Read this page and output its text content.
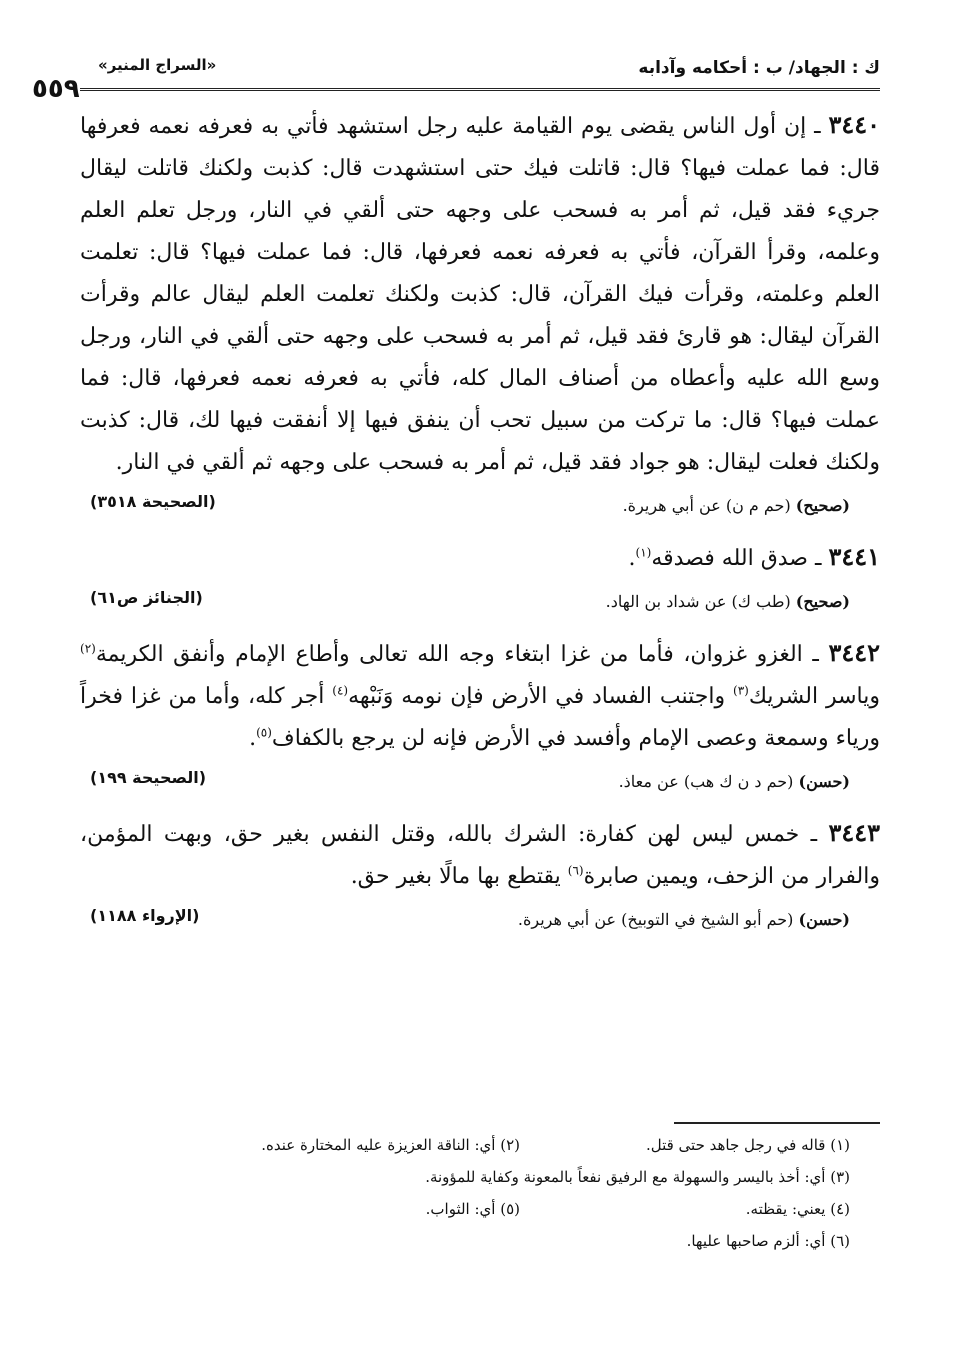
ك : الجهاد/ ب : أحكامه وآدابه
«السراج المنير»
٥٥٩

٣٤٤٠ ـ إن أول الناس يقضى يوم القيامة عليه رجل استشهد فأتي به فعرفه نعمه فعرفها قال: فما عملت فيها؟ قال: قاتلت فيك حتى استشهدت قال: كذبت ولكنك قاتلت ليقال جريء فقد قيل، ثم أمر به فسحب على وجهه حتى ألقي في النار، ورجل تعلم العلم وعلمه، وقرأ القرآن، فأتي به فعرفه نعمه فعرفها، قال: فما عملت فيها؟ قال: تعلمت العلم وعلمته، وقرأت فيك القرآن، قال: كذبت ولكنك تعلمت العلم ليقال عالم وقرأت القرآن ليقال: هو قارئ فقد قيل، ثم أمر به فسحب على وجهه حتى ألقي في النار، ورجل وسع الله عليه وأعطاه من أصناف المال كله، فأتي به فعرفه نعمه فعرفها، قال: فما عملت فيها؟ قال: ما تركت من سبيل تحب أن ينفق فيها إلا أنفقت فيها لك، قال: كذبت ولكنك فعلت ليقال: هو جواد فقد قيل، ثم أمر به فسحب على وجهه ثم ألقي في النار.

(صحيح) (حم م ن) عن أبي هريرة.
(الصحيحة ٣٥١٨)

٣٤٤١ ـ صدق الله فصدقه$^{(١)}$.

(صحيح) (طب ك) عن شداد بن الهاد.
(الجنائز ص٦١)

٣٤٤٢ ـ الغزو غزوان، فأما من غزا ابتغاء وجه الله تعالى وأطاع الإمام وأنفق الكريمة$^{(٢)}$ وياسر الشريك$^{(٣)}$ واجتنب الفساد في الأرض فإن نومه وَنَبْهه$^{(٤)}$ أجر كله، وأما من غزا فخراً ورياء وسمعة وعصى الإمام وأفسد في الأرض فإنه لن يرجع بالكفاف$^{(٥)}$.

(حسن) (حم د ن ك هب) عن معاذ.
(الصحيحة ١٩٩)

٣٤٤٣ ـ خمس ليس لهن كفارة: الشرك بالله، وقتل النفس بغير حق، وبهت المؤمن، والفرار من الزحف، ويمين صابرة$^{(٦)}$ يقتطع بها مالًا بغير حق.

(حسن) (حم أبو الشيخ في التوبيخ) عن أبي هريرة.
(الإرواء ١١٨٨)
(١) قاله في رجل جاهد حتى قتل.
(٢) أي: الناقة العزيزة عليه المختارة عنده.
(٣) أي: أخذ باليسر والسهولة مع الرفيق نفعاً بالمعونة وكفاية للمؤونة.
(٤) يعني: يقظته.
(٥) أي: الثواب.
(٦) أي: ألزم صاحبها عليها.
